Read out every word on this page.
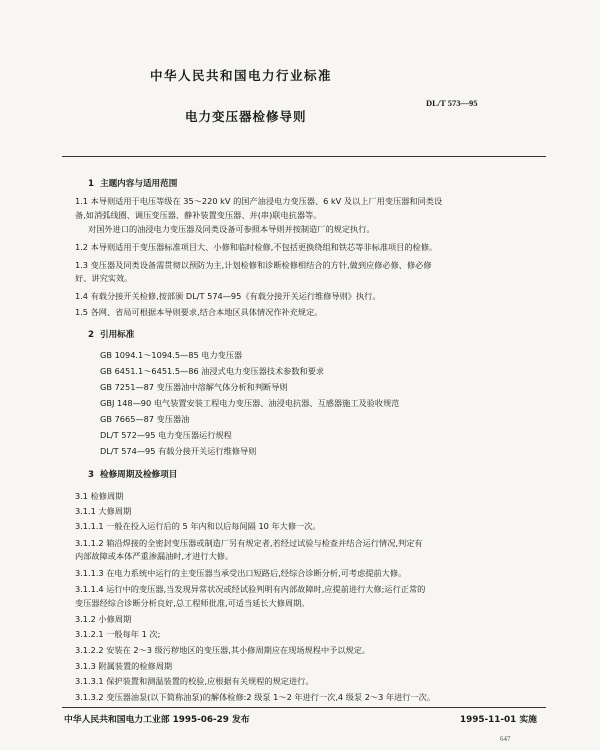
中华人民共和国电力行业标准
DL/T 573—95
电力变压器检修导则
1 主题内容与适用范围
1.1 本导则适用于电压等级在 35～220 kV 的国产油浸电力变压器、6 kV 及以上厂用变压器和同类设
备,如消弧线圈、调压变压器、静补装置变压器、并(串)联电抗器等。
对国外进口的油浸电力变压器及同类设备可参照本导则并按制造厂的规定执行。
1.2 本导则适用于变压器标准项目大、小修和临时检修,不包括更换绕组和铁芯等非标准项目的检修。
1.3 变压器及同类设备需贯彻以预防为主,计划检修和诊断检修相结合的方针,做到应修必修、修必修
好、讲究实效。
1.4 有载分接开关检修,按部颁 DL/T 574—95《有载分接开关运行维修导则》执行。
1.5 各网、省局可根据本导则要求,结合本地区具体情况作补充规定。
2 引用标准
GB 1094.1～1094.5—85 电力变压器
GB 6451.1～6451.5—86 油浸式电力变压器技术参数和要求
GB 7251—87 变压器油中溶解气体分析和判断导则
GBJ 148—90 电气装置安装工程电力变压器、油浸电抗器、互感器施工及验收规范
GB 7665—87 变压器油
DL/T 572—95 电力变压器运行规程
DL/T 574—95 有载分接开关运行维修导则
3 检修周期及检修项目
3.1 检修周期
3.1.1 大修周期
3.1.1.1 一般在投入运行后的 5 年内和以后每间隔 10 年大修一次。
3.1.1.2 箱沿焊接的全密封变压器或制造厂另有规定者,若经过试验与检查并结合运行情况,判定有
内部故障或本体严重渗漏油时,才进行大修。
3.1.1.3 在电力系统中运行的主变压器当承受出口短路后,经综合诊断分析,可考虑提前大修。
3.1.1.4 运行中的变压器,当发现异常状况或经试验判明有内部故障时,应提前进行大修;运行正常的
变压器经综合诊断分析良好,总工程师批准,可适当延长大修周期。
3.1.2 小修周期
3.1.2.1 一般每年 1 次;
3.1.2.2 安装在 2～3 级污秽地区的变压器,其小修周期应在现场规程中予以规定。
3.1.3 附属装置的检修周期
3.1.3.1 保护装置和测温装置的校验,应根据有关规程的规定进行。
3.1.3.2 变压器油泵(以下简称油泵)的解体检修:2 级泵 1～2 年进行一次,4 级泵 2～3 年进行一次。
中华人民共和国电力工业部 1995-06-29 发布	1995-11-01 实施
647
